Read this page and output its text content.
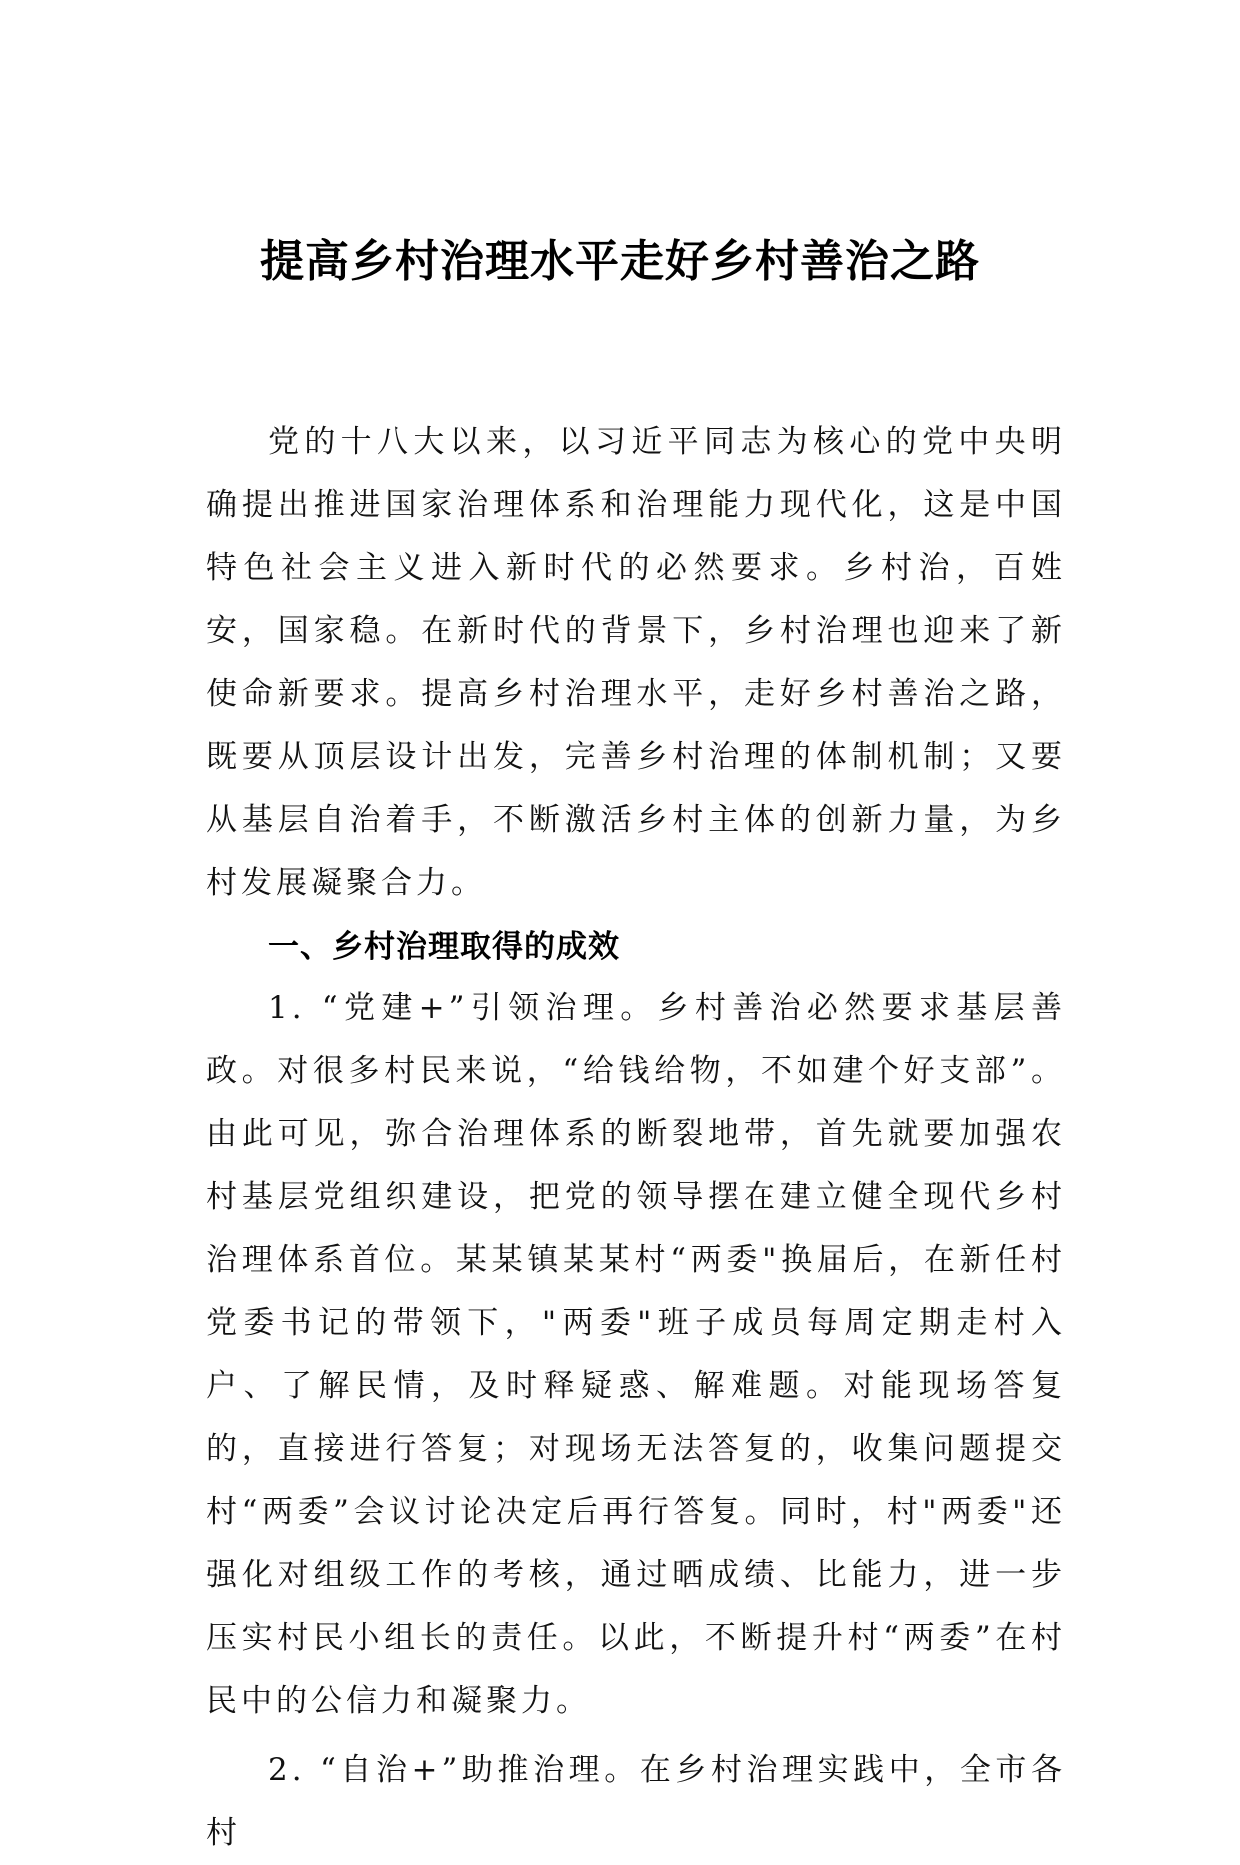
提高乡村治理水平走好乡村善治之路

党的十八大以来，以习近平同志为核心的党中央明确提出推进国家治理体系和治理能力现代化，这是中国特色社会主义进入新时代的必然要求。乡村治，百姓安，国家稳。在新时代的背景下，乡村治理也迎来了新使命新要求。提高乡村治理水平，走好乡村善治之路，既要从顶层设计出发，完善乡村治理的体制机制；又要从基层自治着手，不断激活乡村主体的创新力量，为乡村发展凝聚合力。

一、乡村治理取得的成效

1. “党建+”引领治理。乡村善治必然要求基层善政。对很多村民来说，“给钱给物，不如建个好支部”。由此可见，弥合治理体系的断裂地带，首先就要加强农村基层党组织建设，把党的领导摆在建立健全现代乡村治理体系首位。某某镇某某村“两委"换届后，在新任村党委书记的带领下，"两委"班子成员每周定期走村入户、了解民情，及时释疑惑、解难题。对能现场答复的，直接进行答复；对现场无法答复的，收集问题提交村“两委”会议讨论决定后再行答复。同时，村"两委"还强化对组级工作的考核，通过晒成绩、比能力，进一步压实村民小组长的责任。以此，不断提升村“两委”在村民中的公信力和凝聚力。

2. “自治+”助推治理。在乡村治理实践中，全市各村
